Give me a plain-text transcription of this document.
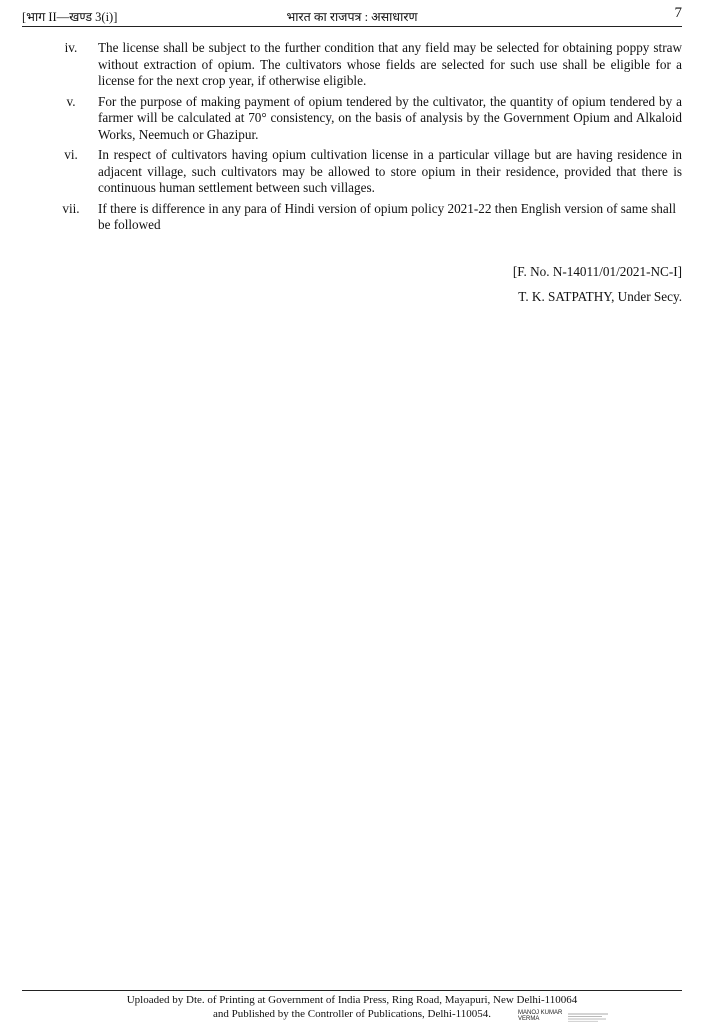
[भाग II—खण्ड 3(i)]	भारत का राजपत्र : असाधारण	7
iv.	The license shall be subject to the further condition that any field may be selected for obtaining poppy straw without extraction of opium. The cultivators whose fields are selected for such use shall be eligible for a license for the next crop year, if otherwise eligible.
v.	For the purpose of making payment of opium tendered by the cultivator, the quantity of opium tendered by a farmer will be calculated at 70° consistency, on the basis of analysis by the Government Opium and Alkaloid Works, Neemuch or Ghazipur.
vi.	In respect of cultivators having opium cultivation license in a particular village but are having residence in adjacent village, such cultivators may be allowed to store opium in their residence, provided that there is continuous human settlement between such villages.
vii.	If there is difference in any para of Hindi version of opium policy 2021-22 then English version of same shall be followed
[F. No. N-14011/01/2021-NC-I]
T. K. SATPATHY, Under Secy.
Uploaded by Dte. of Printing at Government of India Press, Ring Road, Mayapuri, New Delhi-110064
and Published by the Controller of Publications, Delhi-110054.	MANOJ KUMAR VERMA
